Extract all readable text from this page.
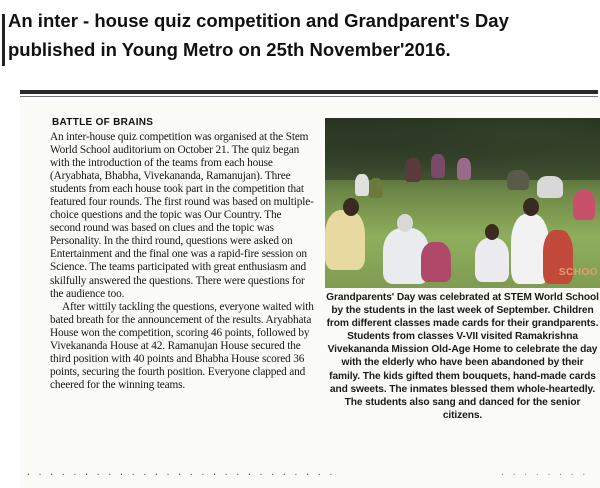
An inter - house quiz competition and Grandparent's Day
published in Young Metro on 25th November'2016.
BATTLE OF BRAINS

An inter-house quiz competition was organised at the Stem World School auditorium on October 21. The quiz began with the introduction of the teams from each house (Aryabhata, Bhabha, Vivekananda, Ramanujan). Three students from each house took part in the competition that featured four rounds. The first round was based on multiple-choice questions and the topic was Our Country. The second round was based on clues and the topic was Personality. In the third round, questions were asked on Entertainment and the final one was a rapid-fire session on Science. The teams participated with great enthusiasm and skilfully answered the questions. There were questions for the audience too.

After wittily tackling the questions, everyone waited with bated breath for the announcement of the results. Aryabhata House won the competition, scoring 46 points, followed by Vivekananda House at 42. Ramanujan House secured the third position with 40 points and Bhabha House scored 36 points, securing the fourth position. Everyone clapped and cheered for the winning teams.

SCHOO

Grandparents' Day was celebrated at STEM World School by the students in the last week of September. Children from different classes made cards for their grandparents. Students from classes V-VII visited Ramakrishna Vivekananda Mission Old-Age Home to celebrate the day with the elderly who have been abandoned by their family. The kids gifted them bouquets, hand-made cards and sweets. The inmates blessed them whole-heartedly. The students also sang and danced for the senior citizens.

· · · · · · · · · · · · · · · · · · · · · · · · · · ·	· · · · · · · ·
